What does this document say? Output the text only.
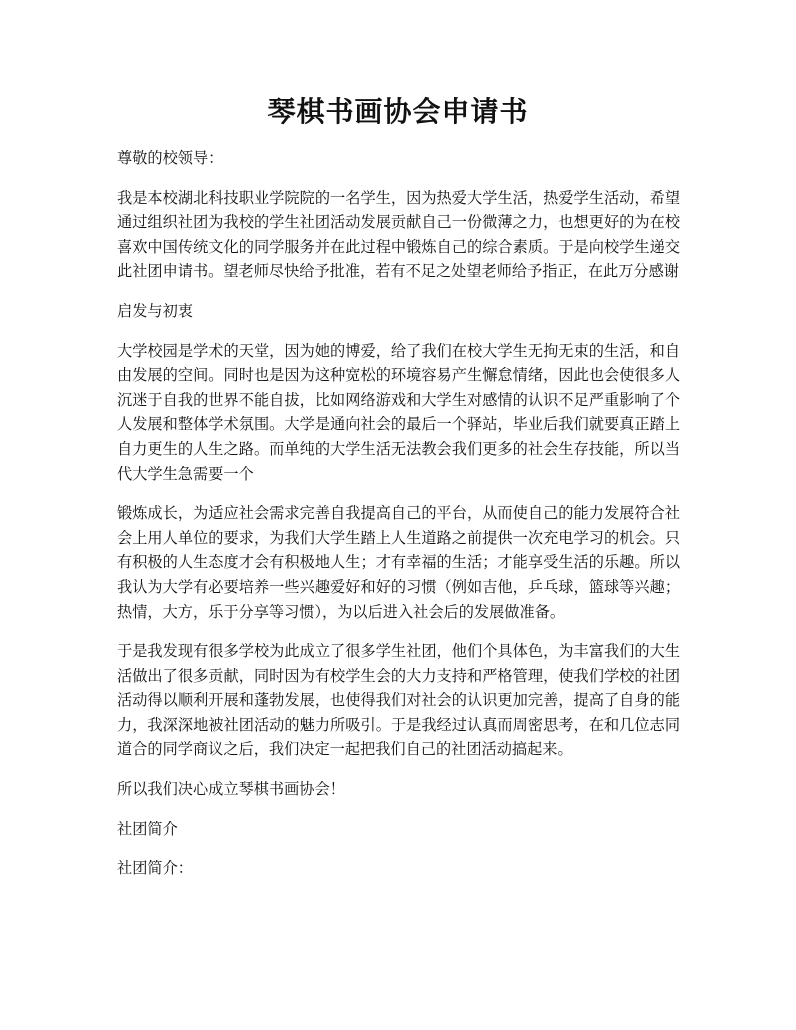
琴棋书画协会申请书

尊敬的校领导：

我是本校湖北科技职业学院院的一名学生，因为热爱大学生活，热爱学生活动，希望通过组织社团为我校的学生社团活动发展贡献自己一份微薄之力，也想更好的为在校喜欢中国传统文化的同学服务并在此过程中锻炼自己的综合素质。于是向校学生递交此社团申请书。望老师尽快给予批准，若有不足之处望老师给予指正，在此万分感谢

启发与初衷

大学校园是学术的天堂，因为她的博爱，给了我们在校大学生无拘无束的生活，和自由发展的空间。同时也是因为这种宽松的环境容易产生懈怠情绪，因此也会使很多人沉迷于自我的世界不能自拔，比如网络游戏和大学生对感情的认识不足严重影响了个人发展和整体学术氛围。大学是通向社会的最后一个驿站，毕业后我们就要真正踏上自力更生的人生之路。而单纯的大学生活无法教会我们更多的社会生存技能，所以当代大学生急需要一个

锻炼成长，为适应社会需求完善自我提高自己的平台，从而使自己的能力发展符合社会上用人单位的要求，为我们大学生踏上人生道路之前提供一次充电学习的机会。只有积极的人生态度才会有积极地人生；才有幸福的生活；才能享受生活的乐趣。所以我认为大学有必要培养一些兴趣爱好和好的习惯（例如吉他，乒乓球，篮球等兴趣；热情，大方，乐于分享等习惯），为以后进入社会后的发展做准备。

于是我发现有很多学校为此成立了很多学生社团，他们个具体色，为丰富我们的大生活做出了很多贡献，同时因为有校学生会的大力支持和严格管理，使我们学校的社团活动得以顺利开展和蓬勃发展，也使得我们对社会的认识更加完善，提高了自身的能力，我深深地被社团活动的魅力所吸引。于是我经过认真而周密思考，在和几位志同道合的同学商议之后，我们决定一起把我们自己的社团活动搞起来。

所以我们决心成立琴棋书画协会！

社团简介

社团简介：
